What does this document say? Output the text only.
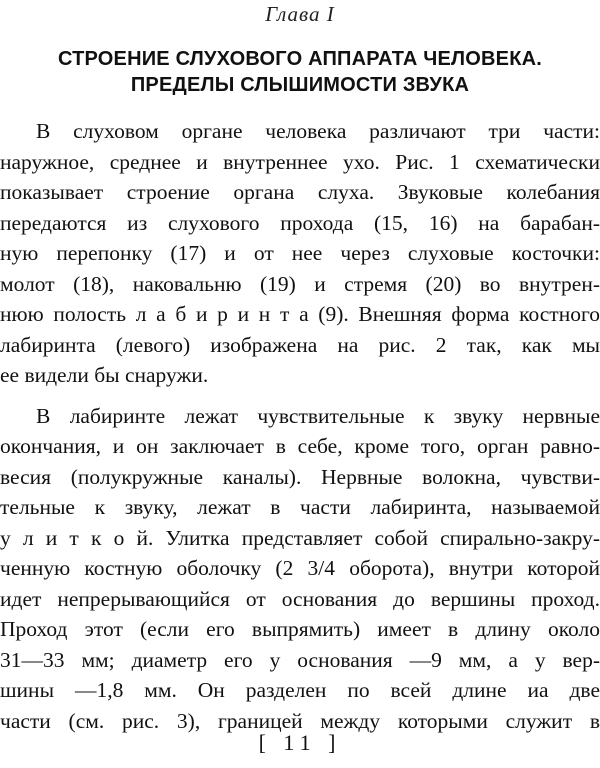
Глава I
СТРОЕНИЕ СЛУХОВОГО АППАРАТА ЧЕЛОВЕКА.
ПРЕДЕЛЫ СЛЫШИМОСТИ ЗВУКА
В слуховом органе человека различают три части:
наружное, среднее и внутреннее ухо. Рис. 1 схематически
показывает строение органа слуха. Звуковые колебания
передаются из слухового прохода (15, 16) на барабан-
ную перепонку (17) и от нее через слуховые косточки:
молот (18), наковальню (19) и стремя (20) во внутрен-
нюю полость л а б и р и н т а (9). Внешняя форма костного
лабиринта (левого) изображена на рис. 2 так, как мы
ее видели бы снаружи.
В лабиринте лежат чувствительные к звуку нервные
окончания, и он заключает в себе, кроме того, орган равно-
весия (полукружные каналы). Нервные волокна, чувстви-
тельные к звуку, лежат в части лабиринта, называемой
у л и т к о й. Улитка представляет собой спирально-закру-
ченную костную оболочку (2 3/4 оборота), внутри которой
идет непрерывающийся от основания до вершины проход.
Проход этот (если его выпрямить) имеет в длину около
31—33 мм; диаметр его у основания —9 мм, а у вер-
шины —1,8 мм. Он разделен по всей длине иа две
части (см. рис. 3), границей между которыми служит в
[ 11 ]
